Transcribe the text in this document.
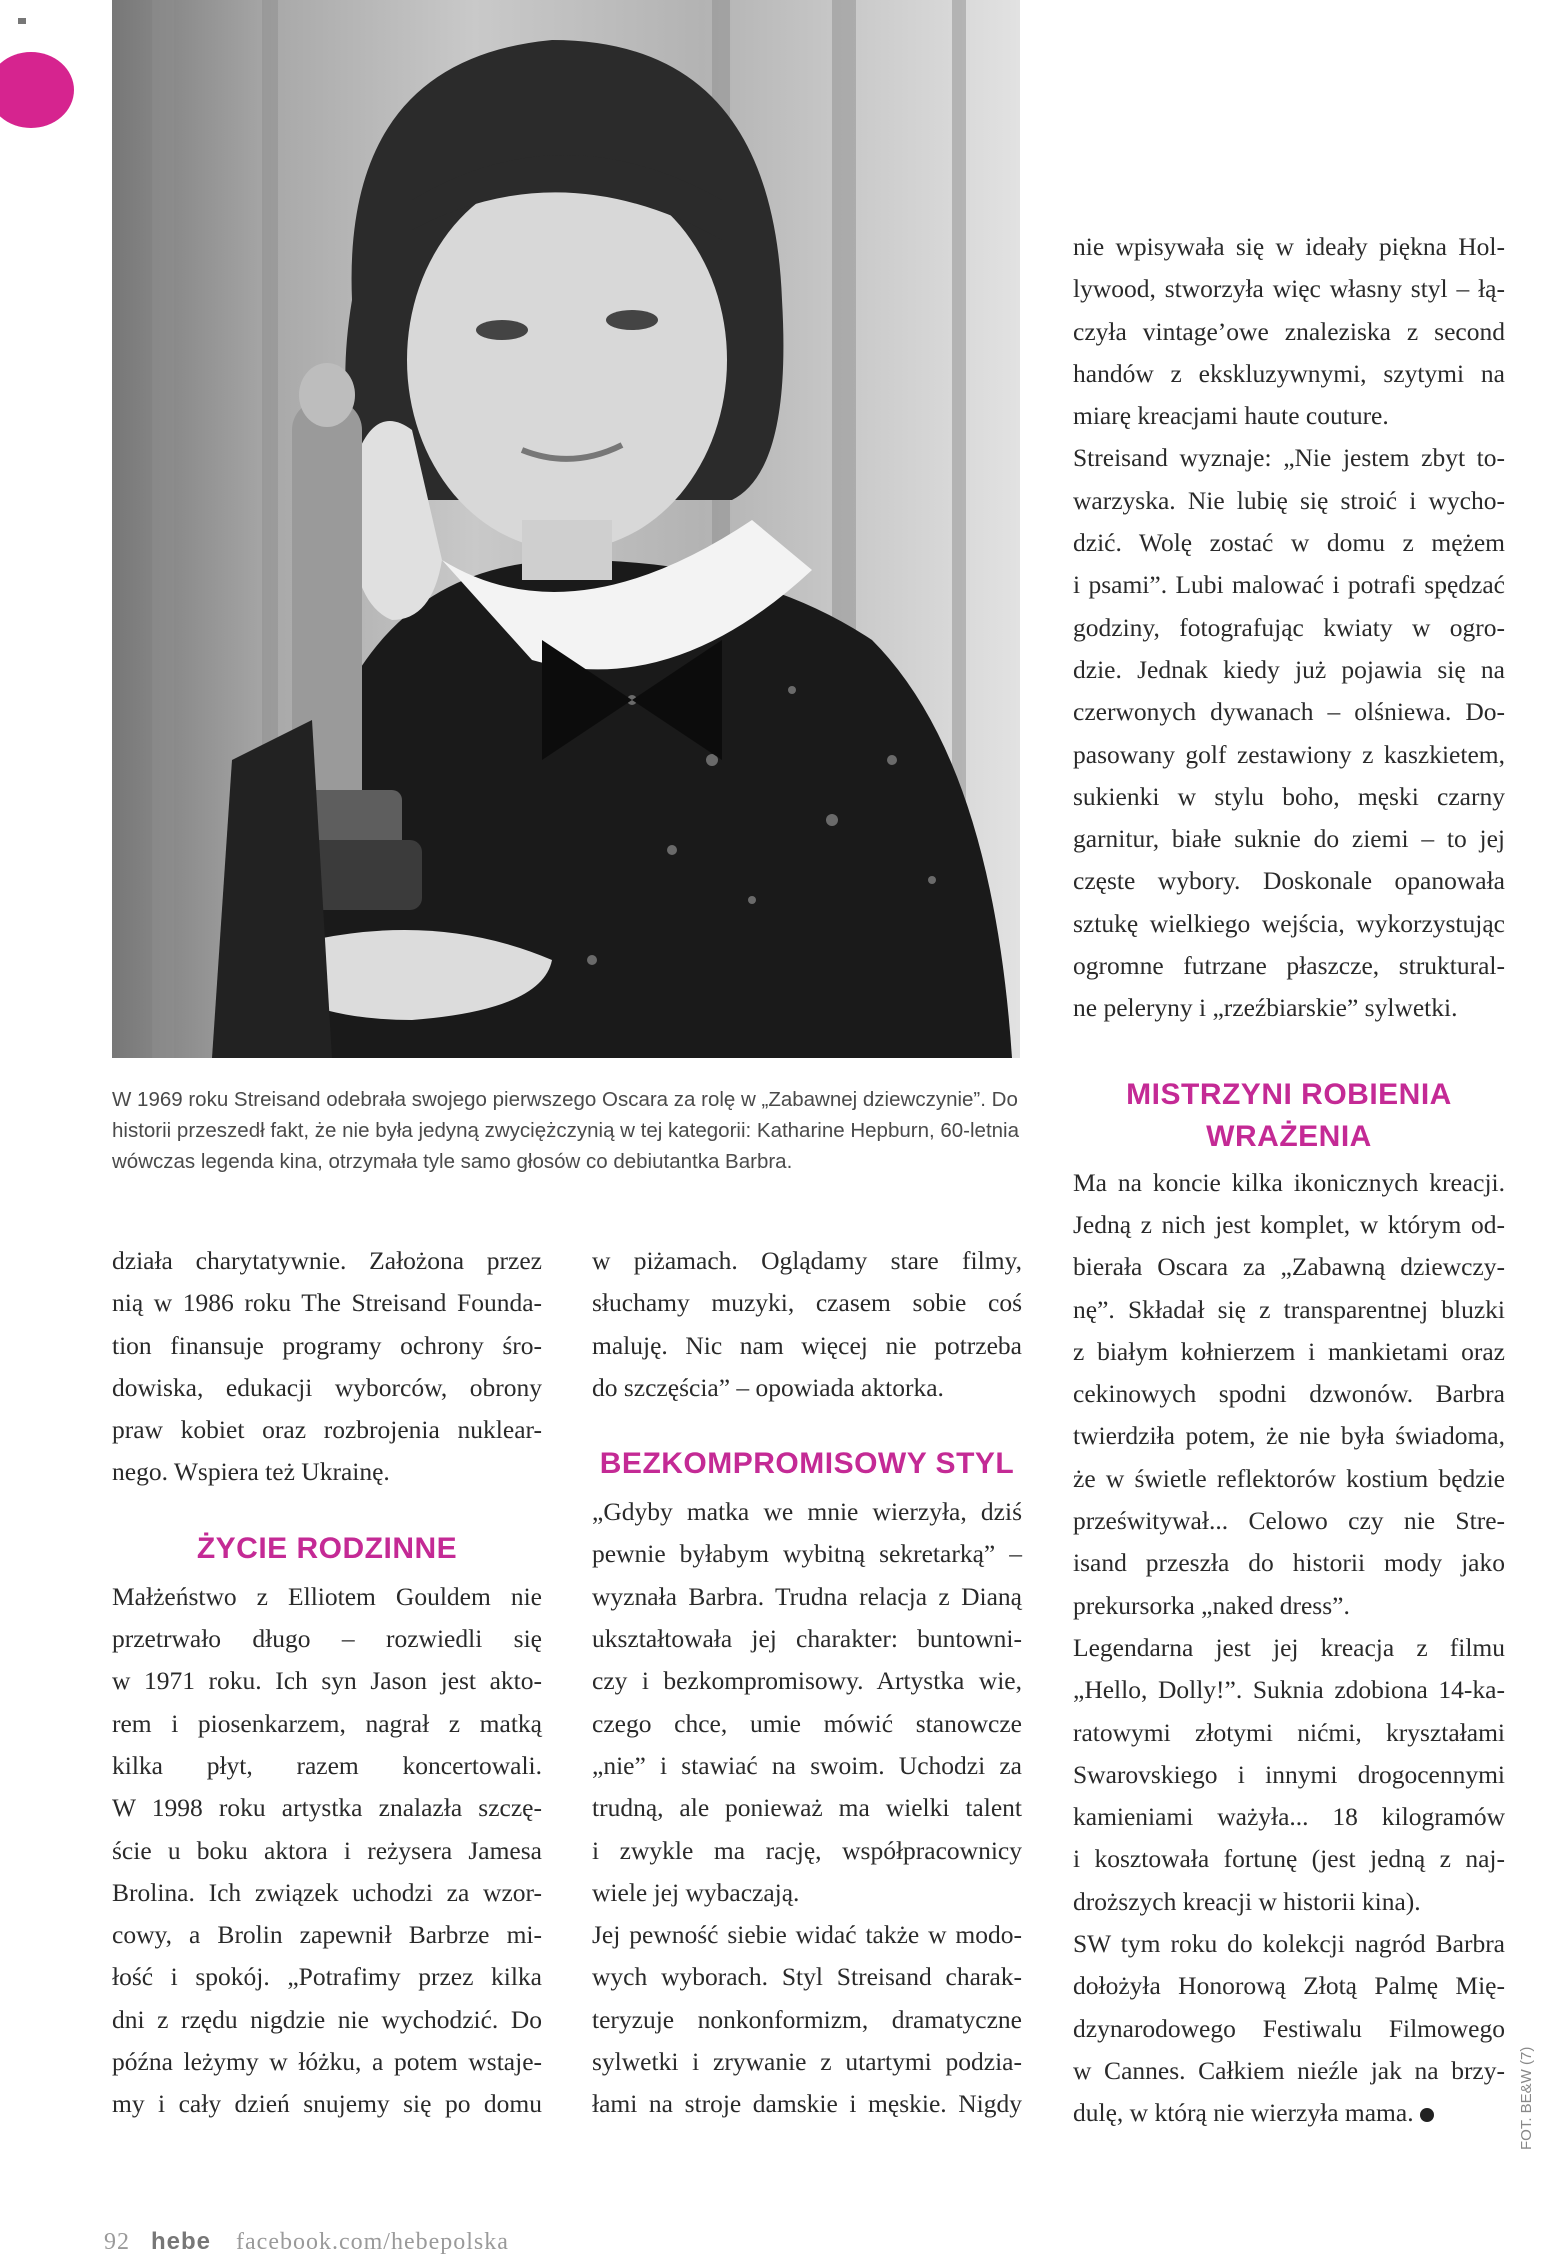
W 1969 roku Streisand odebrała swojego pierwszego Oscara za rolę w „Zabawnej dziewczynie”. Do historii przeszedł fakt, że nie była jedyną zwyciężczynią w tej kategorii: Katharine Hepburn, 60-letnia wówczas legenda kina, otrzymała tyle samo głosów co debiutantka Barbra.

działa charytatywnie. Założona przez

nią w 1986 roku The Streisand Founda-

tion finansuje programy ochrony śro-

dowiska, edukacji wyborców, obrony

praw kobiet oraz rozbrojenia nuklear-

nego. Wspiera też Ukrainę.

ŻYCIE RODZINNE

Małżeństwo z Elliotem Gouldem nie

przetrwało długo – rozwiedli się

w 1971 roku. Ich syn Jason jest akto-

rem i piosenkarzem, nagrał z matką

kilka płyt, razem koncertowali.

W 1998 roku artystka znalazła szczę-

ście u boku aktora i reżysera Jamesa

Brolina. Ich związek uchodzi za wzor-

cowy, a Brolin zapewnił Barbrze mi-

łość i spokój. „Potrafimy przez kilka

dni z rzędu nigdzie nie wychodzić. Do

późna leżymy w łóżku, a potem wstaje-

my i cały dzień snujemy się po domu

w piżamach. Oglądamy stare filmy,

słuchamy muzyki, czasem sobie coś

maluję. Nic nam więcej nie potrzeba

do szczęścia” – opowiada aktorka.

BEZKOMPROMISOWY STYL

„Gdyby matka we mnie wierzyła, dziś

pewnie byłabym wybitną sekretarką” –

wyznała Barbra. Trudna relacja z Dianą

ukształtowała jej charakter: buntowni-

czy i bezkompromisowy. Artystka wie,

czego chce, umie mówić stanowcze

„nie” i stawiać na swoim. Uchodzi za

trudną, ale ponieważ ma wielki talent

i zwykle ma rację, współpracownicy

wiele jej wybaczają.

Jej pewność siebie widać także w modo-

wych wyborach. Styl Streisand charak-

teryzuje nonkonformizm, dramatyczne

sylwetki i zrywanie z utartymi podzia-

łami na stroje damskie i męskie. Nigdy

nie wpisywała się w ideały piękna Hol-

lywood, stworzyła więc własny styl – łą-

czyła vintage’owe znaleziska z second

handów z ekskluzywnymi, szytymi na

miarę kreacjami haute couture.

Streisand wyznaje: „Nie jestem zbyt to-

warzyska. Nie lubię się stroić i wycho-

dzić. Wolę zostać w domu z mężem

i psami”. Lubi malować i potrafi spędzać

godziny, fotografując kwiaty w ogro-

dzie. Jednak kiedy już pojawia się na

czerwonych dywanach – olśniewa. Do-

pasowany golf zestawiony z kaszkietem,

sukienki w stylu boho, męski czarny

garnitur, białe suknie do ziemi – to jej

częste wybory. Doskonale opanowała

sztukę wielkiego wejścia, wykorzystując

ogromne futrzane płaszcze, struktural-

ne peleryny i „rzeźbiarskie” sylwetki.

MISTRZYNI ROBIENIA
WRAŻENIA

Ma na koncie kilka ikonicznych kreacji.

Jedną z nich jest komplet, w którym od-

bierała Oscara za „Zabawną dziewczy-

nę”. Składał się z transparentnej bluzki

z białym kołnierzem i mankietami oraz

cekinowych spodni dzwonów. Barbra

twierdziła potem, że nie była świadoma,

że w świetle reflektorów kostium będzie

prześwitywał... Celowo czy nie Stre-

isand przeszła do historii mody jako

prekursorka „naked dress”.

Legendarna jest jej kreacja z filmu

„Hello, Dolly!”. Suknia zdobiona 14-ka-

ratowymi złotymi nićmi, kryształami

Swarovskiego i innymi drogocennymi

kamieniami ważyła... 18 kilogramów

i kosztowała fortunę (jest jedną z naj-

droższych kreacji w historii kina).

SW tym roku do kolekcji nagród Barbra

dołożyła Honorową Złotą Palmę Mię-

dzynarodowego Festiwalu Filmowego

w Cannes. Całkiem nieźle jak na brzy-

dulę, w którą nie wierzyła mama.

92 hebe facebook.com/hebepolska
FOT. BE&W (7)
